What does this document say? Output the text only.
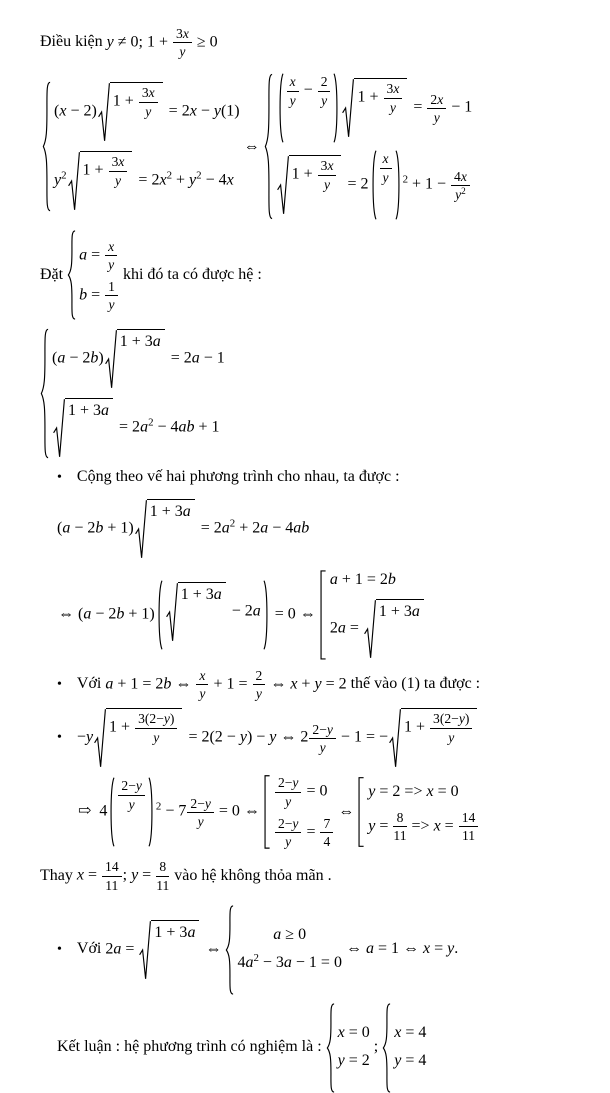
Điều kiện y ≠ 0; $1 + \frac{3x}{y} \ge 0$
(x − 2)
$1 + \frac{3x}{y} = 2x - y(1)$
$y^2$ $1 + \frac{3x}{y} = 2x^2 + y^2 - 4x$
⇔
$\frac{x}{y} - \frac{2}{y} 1 + \frac{3x}{y} = \frac{2x}{y} - 1$
$1 + \frac{3x}{y} = 2 \frac{x}{y} ^2 + 1 - \frac{4x}{y^2}$
Đặt
$a = \frac{x}{y}$
$b = \frac{1}{y}$
khi đó ta có được hệ :
(a − 2b)
1 + 3a
= 2a − 1
1 + 3a
= $2a^2 - 4ab + 1$
• Cộng theo vế hai phương trình cho nhau, ta được :
(a − 2b + 1)
1 + 3a
= $2a^2 + 2a - 4ab$
⇔ (a − 2b + 1)
1 + 3a
− 2a = 0 ⇔
a + 1 = 2b
2a =
1 + 3a
• Với a + 1 = 2b ⇔ $\frac{x}{y} + 1 = \frac{2}{y}$ ⇔ x + y = 2 thế vào (1) ta được :
• −y
$1 + \frac{3(2-y)}{y} = 2(2 - y) - y$ ⇔ $2 \frac{2-y}{y} - 1$ = −
$1 + \frac{3(2-y)}{y}$
⇨  $4 \frac{2-y}{y} ^2 - 7 \frac{2-y}{y} = 0$ ⇔
$\frac{2-y}{y} = 0$
$\frac{2-y}{y} = \frac{7}{4}$
⇔
y = 2 => x = 0
$y = \frac{8}{11} => x = \frac{14}{11}$
Thay $x = \frac{14}{11}$ ; $y = \frac{8}{11}$ vào hệ không thỏa mãn .
• Với 2a =
1 + 3a
⇔
a ≥ 0
$4a^2 - 3a - 1 = 0$
⇔ a = 1 ⇔ x = y.
Kết luận : hệ phương trình có nghiệm là :
x = 0
y = 2
;
x = 4
y = 4
